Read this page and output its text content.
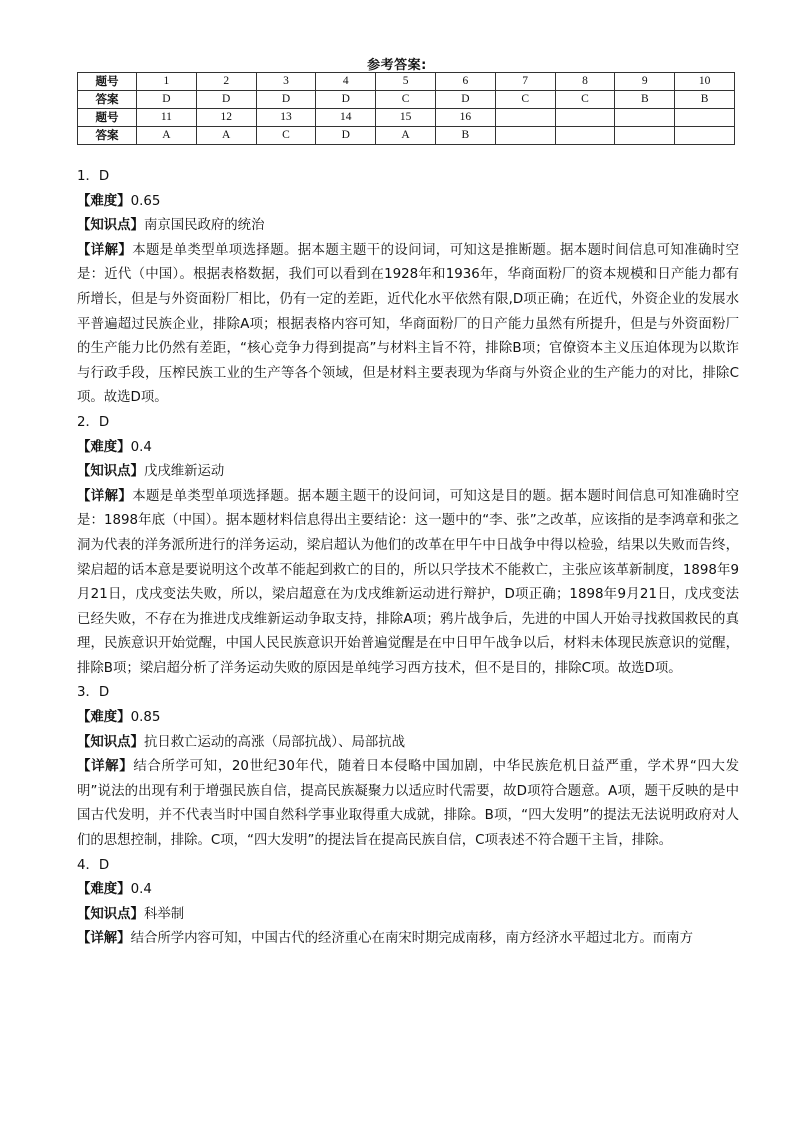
参考答案:
题号	1	2	3	4	5	6	7	8	9	10
答案	D	D	D	D	C	D	C	C	B	B
题号	11	12	13	14	15	16				
答案	A	A	C	D	A	B				

1．D

【难度】0.65

【知识点】南京国民政府的统治

【详解】本题是单类型单项选择题。据本题主题干的设问词，可知这是推断题。据本题时间信息可知准确时空是：近代（中国）。根据表格数据，我们可以看到在1928年和1936年，华商面粉厂的资本规模和日产能力都有所增长，但是与外资面粉厂相比，仍有一定的差距，近代化水平依然有限,D项正确；在近代，外资企业的发展水平普遍超过民族企业，排除A项；根据表格内容可知，华商面粉厂的日产能力虽然有所提升，但是与外资面粉厂的生产能力比仍然有差距，“核心竞争力得到提高”与材料主旨不符，排除B项；官僚资本主义压迫体现为以欺诈与行政手段，压榨民族工业的生产等各个领域，但是材料主要表现为华商与外资企业的生产能力的对比，排除C项。故选D项。

2．D

【难度】0.4

【知识点】戊戌维新运动

【详解】本题是单类型单项选择题。据本题主题干的设问词，可知这是目的题。据本题时间信息可知准确时空是：1898年底（中国）。据本题材料信息得出主要结论：这一题中的“李、张”之改革，应该指的是李鸿章和张之洞为代表的洋务派所进行的洋务运动，梁启超认为他们的改革在甲午中日战争中得以检验，结果以失败而告终，梁启超的话本意是要说明这个改革不能起到救亡的目的，所以只学技术不能救亡，主张应该革新制度，1898年9月21日，戊戌变法失败，所以，梁启超意在为戊戌维新运动进行辩护，D项正确；1898年9月21日，戊戌变法已经失败，不存在为推进戊戌维新运动争取支持，排除A项；鸦片战争后，先进的中国人开始寻找救国救民的真理，民族意识开始觉醒，中国人民民族意识开始普遍觉醒是在中日甲午战争以后，材料未体现民族意识的觉醒，排除B项；梁启超分析了洋务运动失败的原因是单纯学习西方技术，但不是目的，排除C项。故选D项。

3．D

【难度】0.85

【知识点】抗日救亡运动的高涨（局部抗战）、局部抗战

【详解】结合所学可知，20世纪30年代，随着日本侵略中国加剧，中华民族危机日益严重，学术界“四大发明”说法的出现有利于增强民族自信，提高民族凝聚力以适应时代需要，故D项符合题意。A项，题干反映的是中国古代发明，并不代表当时中国自然科学事业取得重大成就，排除。B项，“四大发明”的提法无法说明政府对人们的思想控制，排除。C项，“四大发明”的提法旨在提高民族自信，C项表述不符合题干主旨，排除。

4．D

【难度】0.4

【知识点】科举制

【详解】结合所学内容可知，中国古代的经济重心在南宋时期完成南移，南方经济水平超过北方。而南方
